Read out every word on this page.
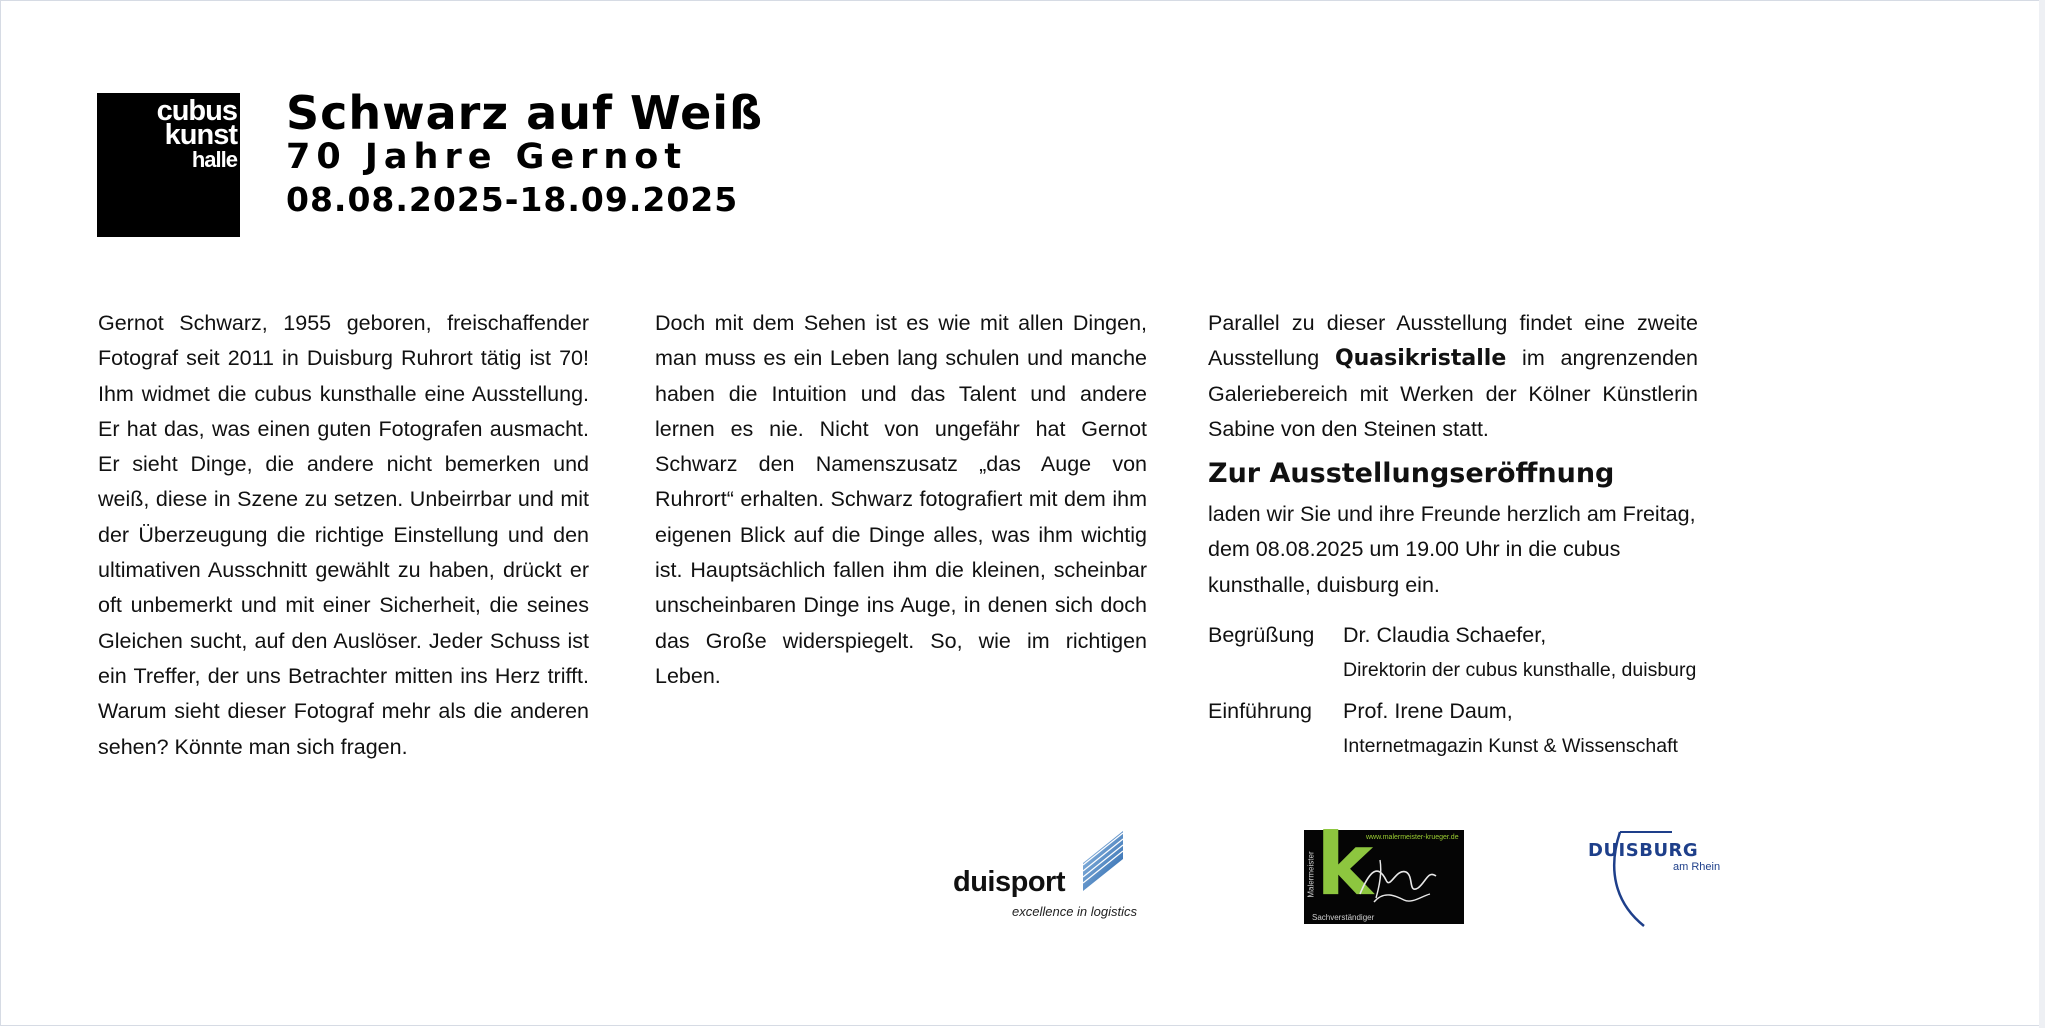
cubus
kunst
halle
Schwarz auf Weiß
70 Jahre Gernot
08.08.2025-18.09.2025

Gernot Schwarz, 1955 geboren, freischaffender Fotograf seit 2011 in Duisburg Ruhrort tätig ist 70! Ihm widmet die cubus kunsthalle eine Ausstellung. Er hat das, was einen guten Fotografen ausmacht. Er sieht Dinge, die andere nicht bemerken und weiß, diese in Szene zu setzen. Unbeirrbar und mit der Überzeugung die richtige Einstellung und den ultimativen Ausschnitt gewählt zu haben, drückt er oft unbemerkt und mit einer Sicherheit, die seines Gleichen sucht, auf den Auslöser. Jeder Schuss ist ein Treffer, der uns Betrachter mitten ins Herz trifft. Warum sieht dieser Fotograf mehr als die anderen sehen? Könnte man sich fragen.

Doch mit dem Sehen ist es wie mit allen Dingen, man muss es ein Leben lang schulen und manche haben die Intuition und das Talent und andere lernen es nie. Nicht von ungefähr hat Gernot Schwarz den Namenszusatz „das Auge von Ruhrort“ erhalten. Schwarz fotografiert mit dem ihm eigenen Blick auf die Dinge alles, was ihm wichtig ist. Hauptsächlich fallen ihm die kleinen, scheinbar unscheinbaren Dinge ins Auge, in denen sich doch das Große widerspiegelt. So, wie im richtigen Leben.

Parallel zu dieser Ausstellung findet eine zweite Ausstellung Quasikristalle im angrenzenden Galeriebereich mit Werken der Kölner Künstlerin Sabine von den Steinen statt.

Zur Ausstellungseröffnung

laden wir Sie und ihre Freunde herzlich am Freitag, dem 08.08.2025 um 19.00 Uhr in die cubus kunsthalle, duisburg ein.

Begrüßung	Dr. Claudia Schaefer,
Direktorin der cubus kunsthalle, duisburg
Einführung	Prof. Irene Daum,
Internetmagazin Kunst & Wissenschaft
duisport
excellence in logistics
www.malermeister-krueger.de
Malermeister k
Sachverständiger
DUISBURG
am Rhein
